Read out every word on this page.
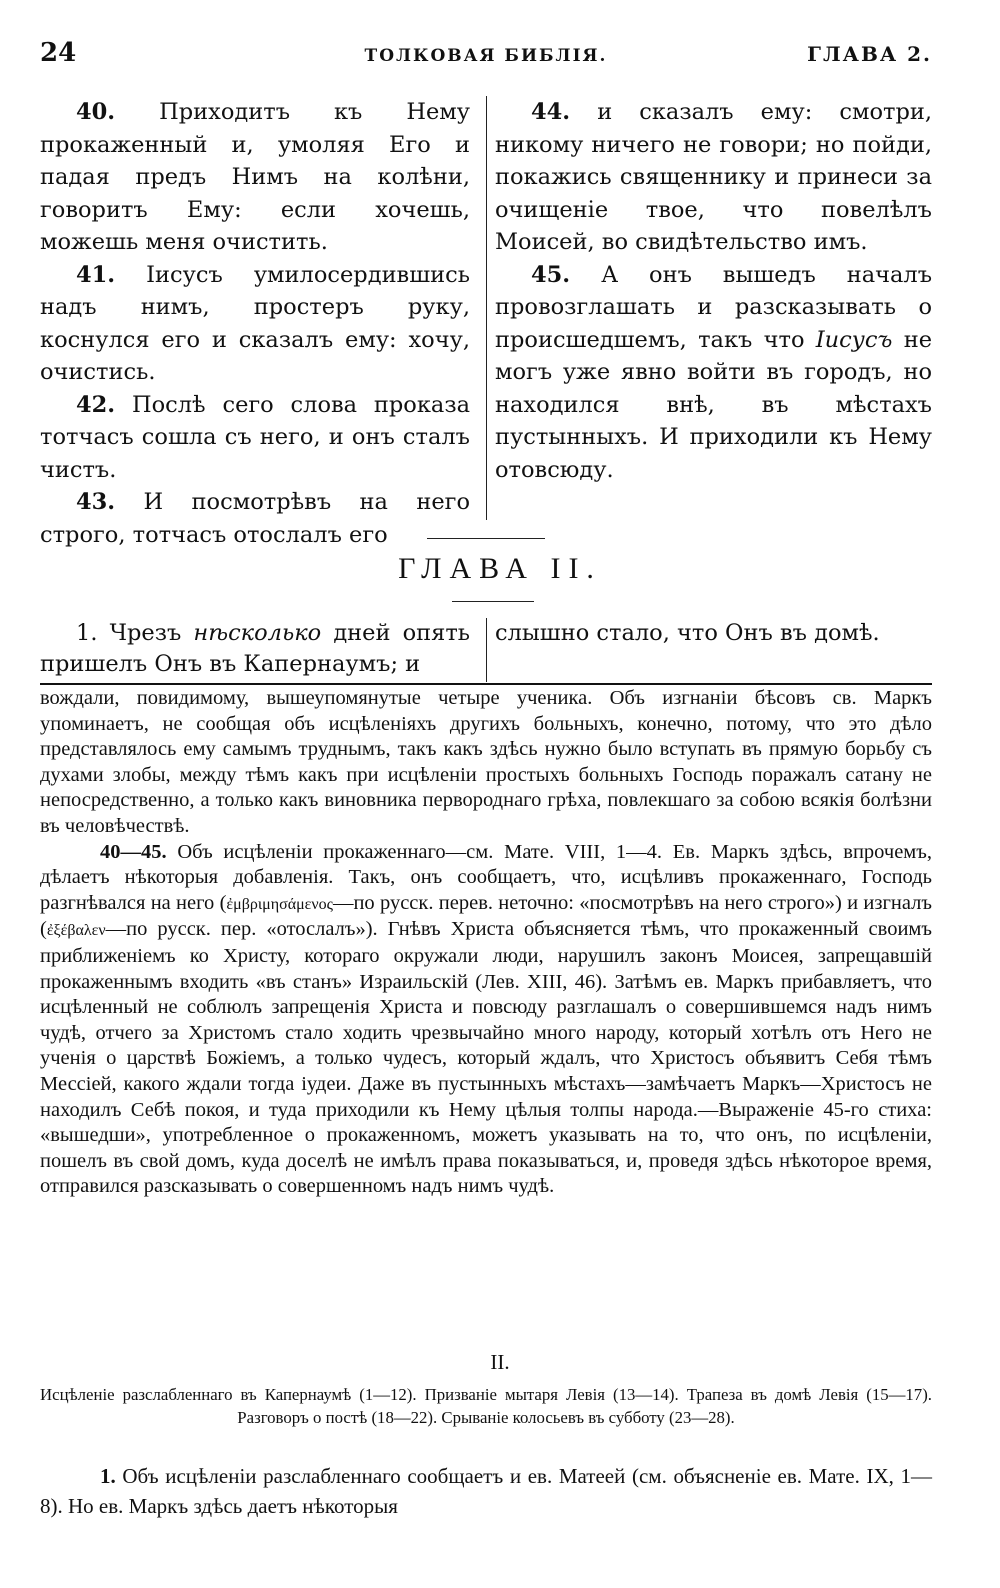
24	ТОЛКОВАЯ БИБЛІЯ.	ГЛАВА 2.

40. Приходитъ къ Нему прокаженный и, умоляя Его и падая предъ Нимъ на колѣни, говоритъ Ему: если хочешь, можешь меня очистить.

41. Іисусъ умилосердившись надъ нимъ, простеръ руку, коснулся его и сказалъ ему: хочу, очистись.

42. Послѣ сего слова проказа тотчасъ сошла съ него, и онъ сталъ чистъ.

43. И посмотрѣвъ на него строго, тотчасъ отослалъ его

44. и сказалъ ему: смотри, никому ничего не говори; но пойди, покажись священнику и принеси за очищеніе твое, что повелѣлъ Моисей, во свидѣтельство имъ.

45. А онъ вышедъ началъ провозглашать и разсказывать о происшедшемъ, такъ что Іисусъ не могъ уже явно войти въ городъ, но находился внѣ, въ мѣстахъ пустынныхъ. И приходили къ Нему отовсюду.

ГЛАВА II.

1. Чрезъ нѣсколько дней опять пришелъ Онъ въ Капернаумъ; и

слышно стало, что Онъ въ домѣ.

вождали, повидимому, вышеупомянутые четыре ученика. Объ изгнаніи бѣсовъ св. Маркъ упоминаетъ, не сообщая объ исцѣленіяхъ другихъ больныхъ, конечно, потому, что это дѣло представлялось ему самымъ труднымъ, такъ какъ здѣсь нужно было вступать въ прямую борьбу съ духами злобы, между тѣмъ какъ при исцѣленіи простыхъ больныхъ Господь поражалъ сатану не непосредственно, а только какъ виновника первороднаго грѣха, повлекшаго за собою всякія болѣзни въ человѣчествѣ.

40—45. Объ исцѣленіи прокаженнаго—см. Мате. VIII, 1—4. Ев. Маркъ здѣсь, впрочемъ, дѣлаетъ нѣкоторыя добавленія. Такъ, онъ сообщаетъ, что, исцѣливъ прокаженнаго, Господь разгнѣвался на него (ἐμβριμησάμενος—по русск. перев. неточно: «посмотрѣвъ на него строго») и изгналъ (ἐξέβαλεν—по русск. пер. «отослалъ»). Гнѣвъ Христа объясняется тѣмъ, что прокаженный своимъ приближеніемъ ко Христу, котораго окружали люди, нарушилъ законъ Моисея, запрещавшій прокаженнымъ входить «въ станъ» Израильскій (Лев. XIII, 46). Затѣмъ ев. Маркъ прибавляетъ, что исцѣленный не соблюлъ запрещенія Христа и повсюду разглашалъ о совершившемся надъ нимъ чудѣ, отчего за Христомъ стало ходить чрезвычайно много народу, который хотѣлъ отъ Него не ученія о царствѣ Божіемъ, а только чудесъ, который ждалъ, что Христосъ объявитъ Себя тѣмъ Мессіей, какого ждали тогда іудеи. Даже въ пустынныхъ мѣстахъ—замѣчаетъ Маркъ—Христосъ не находилъ Себѣ покоя, и туда приходили къ Нему цѣлыя толпы народа.—Выраженіе 45-го стиха: «вышедши», употребленное о прокаженномъ, можетъ указывать на то, что онъ, по исцѣленіи, пошелъ въ свой домъ, куда доселѣ не имѣлъ права показываться, и, проведя здѣсь нѣкоторое время, отправился разсказывать о совершенномъ надъ нимъ чудѣ.

II.
Исцѣленіе разслабленнаго въ Капернаумѣ (1—12). Призваніе мытаря Левія (13—14). Трапеза въ домѣ Левія (15—17). Разговоръ о постѣ (18—22). Срываніе колосьевъ въ субботу (23—28).
1. Объ исцѣленіи разслабленнаго сообщаетъ и ев. Матеей (см. объясненіе ев. Мате. IX, 1—8). Но ев. Маркъ здѣсь даетъ нѣкоторыя
